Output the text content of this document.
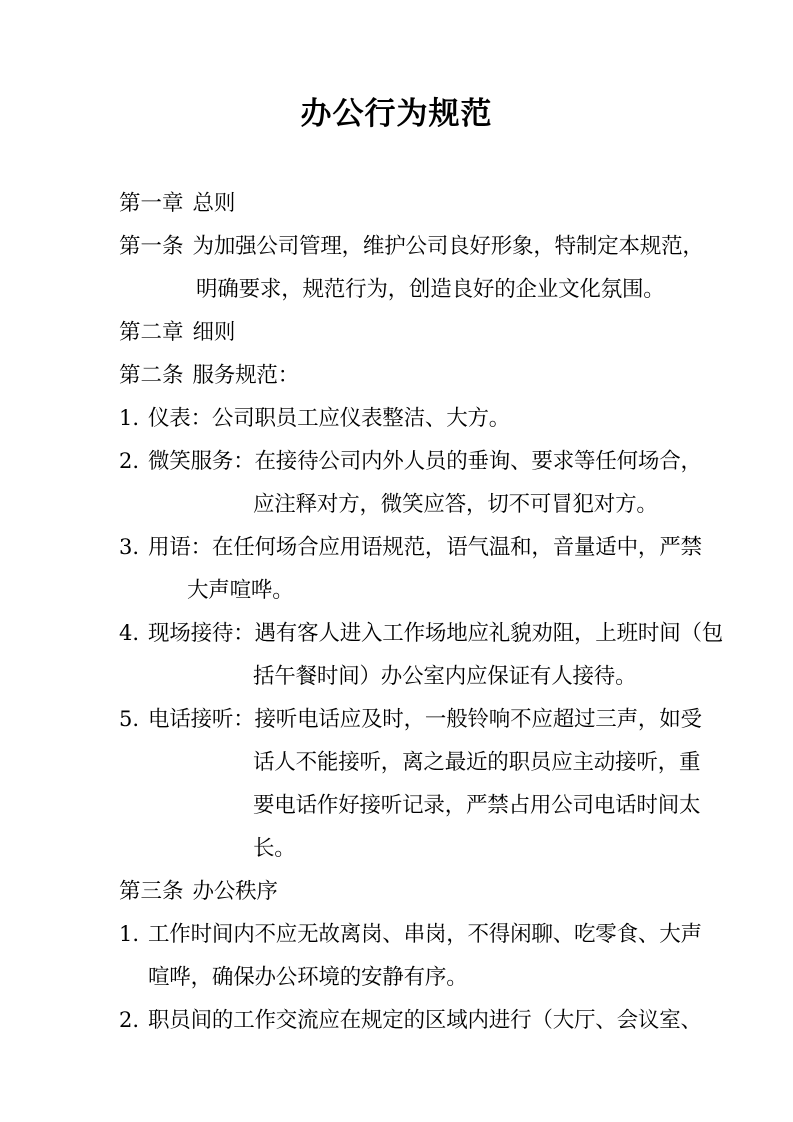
办公行为规范
第一章 总则
第一条 为加强公司管理，维护公司良好形象，特制定本规范，
明确要求，规范行为，创造良好的企业文化氛围。
第二章 细则
第二条 服务规范：
1. 仪表：公司职员工应仪表整洁、大方。
2. 微笑服务：在接待公司内外人员的垂询、要求等任何场合，
应注释对方，微笑应答，切不可冒犯对方。
3. 用语：在任何场合应用语规范，语气温和，音量适中，严禁
大声喧哗。
4. 现场接待：遇有客人进入工作场地应礼貌劝阻，上班时间（包
括午餐时间）办公室内应保证有人接待。
5. 电话接听：接听电话应及时，一般铃响不应超过三声，如受
话人不能接听，离之最近的职员应主动接听，重
要电话作好接听记录，严禁占用公司电话时间太
长。
第三条 办公秩序
1. 工作时间内不应无故离岗、串岗，不得闲聊、吃零食、大声
喧哗，确保办公环境的安静有序。
2. 职员间的工作交流应在规定的区域内进行（大厅、会议室、
